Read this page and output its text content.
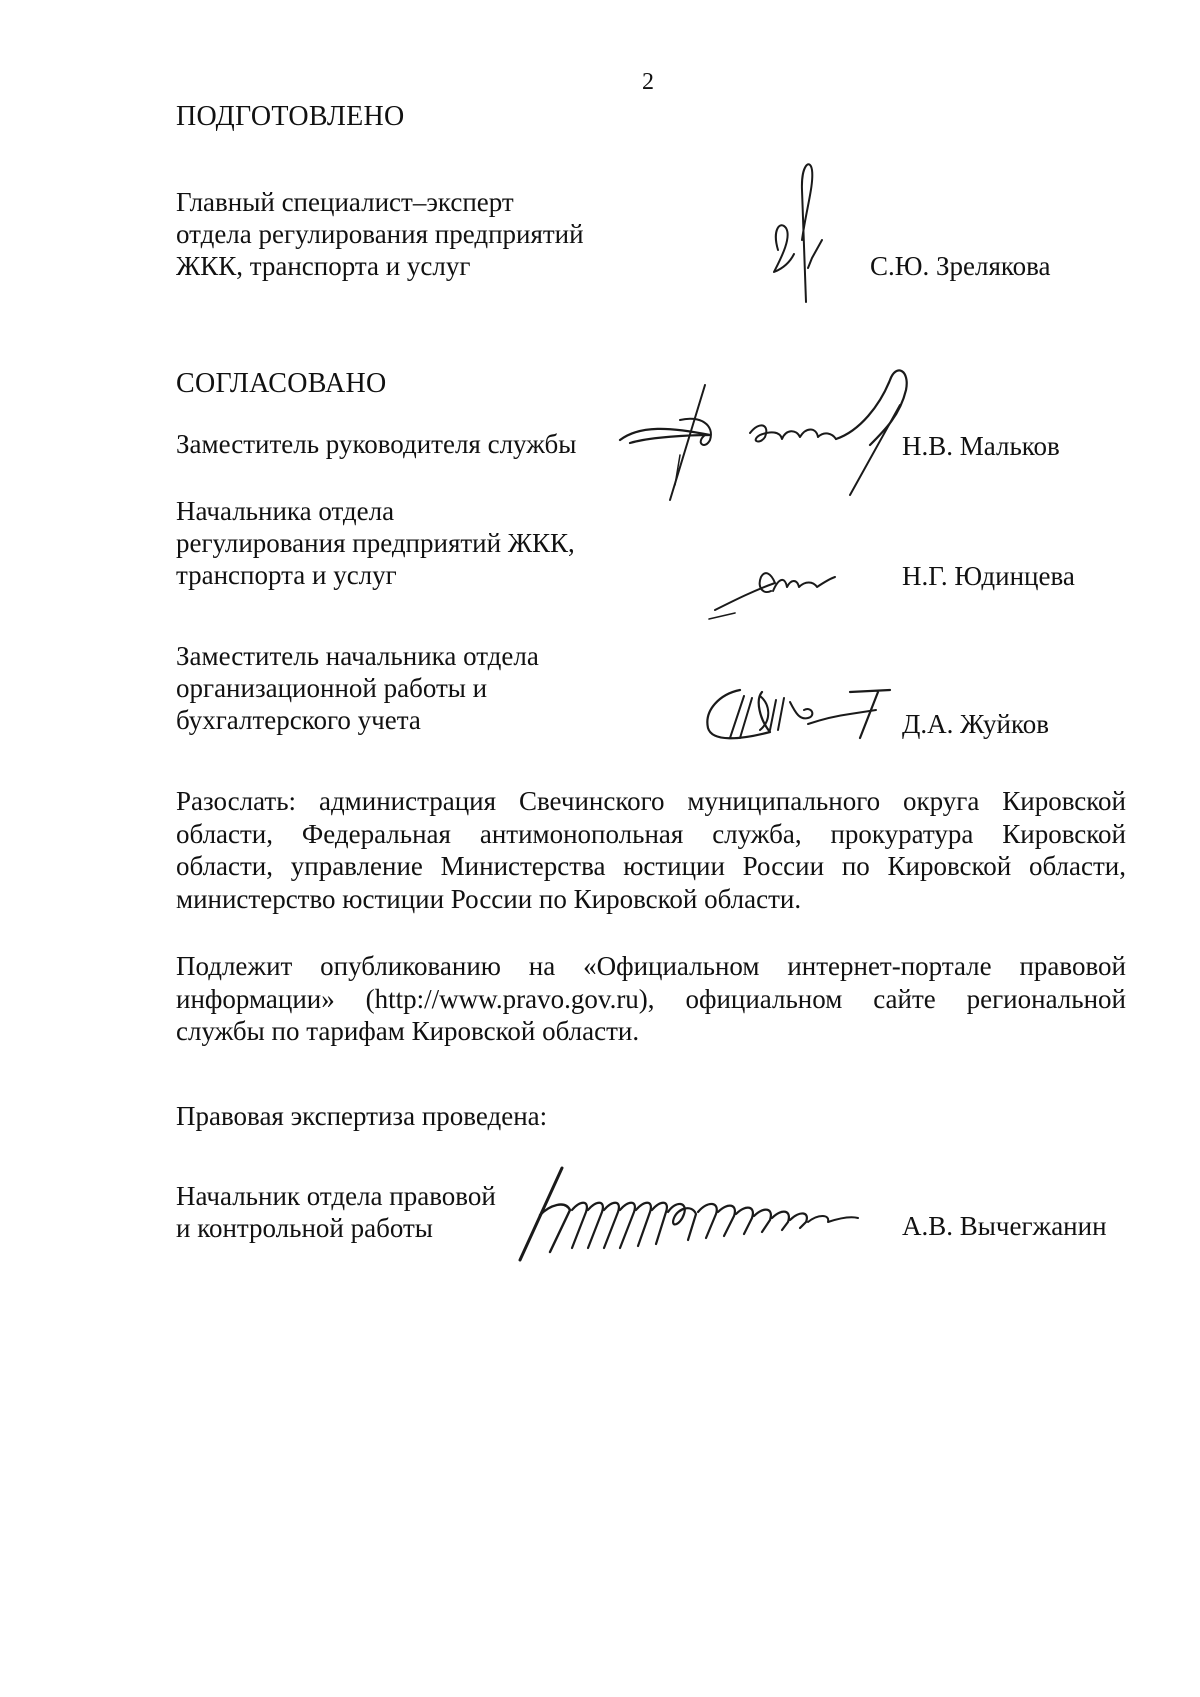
2
ПОДГОТОВЛЕНО
Главный специалист–эксперт
отдела регулирования предприятий
ЖКК, транспорта и услуг	С.Ю. Зрелякова
СОГЛАСОВАНО
Заместитель руководителя службы	Н.В. Мальков
Начальника отдела
регулирования предприятий ЖКК,
транспорта и услуг	Н.Г. Юдинцева
Заместитель начальника отдела
организационной работы и
бухгалтерского учета	Д.А. Жуйков
Разослать: администрация Свечинского муниципального округа Кировской
области, Федеральная антимонопольная служба, прокуратура Кировской
области, управление Министерства юстиции России по Кировской области,
министерство юстиции России по Кировской области.
Подлежит опубликованию на «Официальном интернет-портале правовой
информации» (http://www.pravo.gov.ru), официальном сайте региональной
службы по тарифам Кировской области.
Правовая экспертиза проведена:
Начальник отдела правовой
и контрольной работы	А.В. Вычегжанин
